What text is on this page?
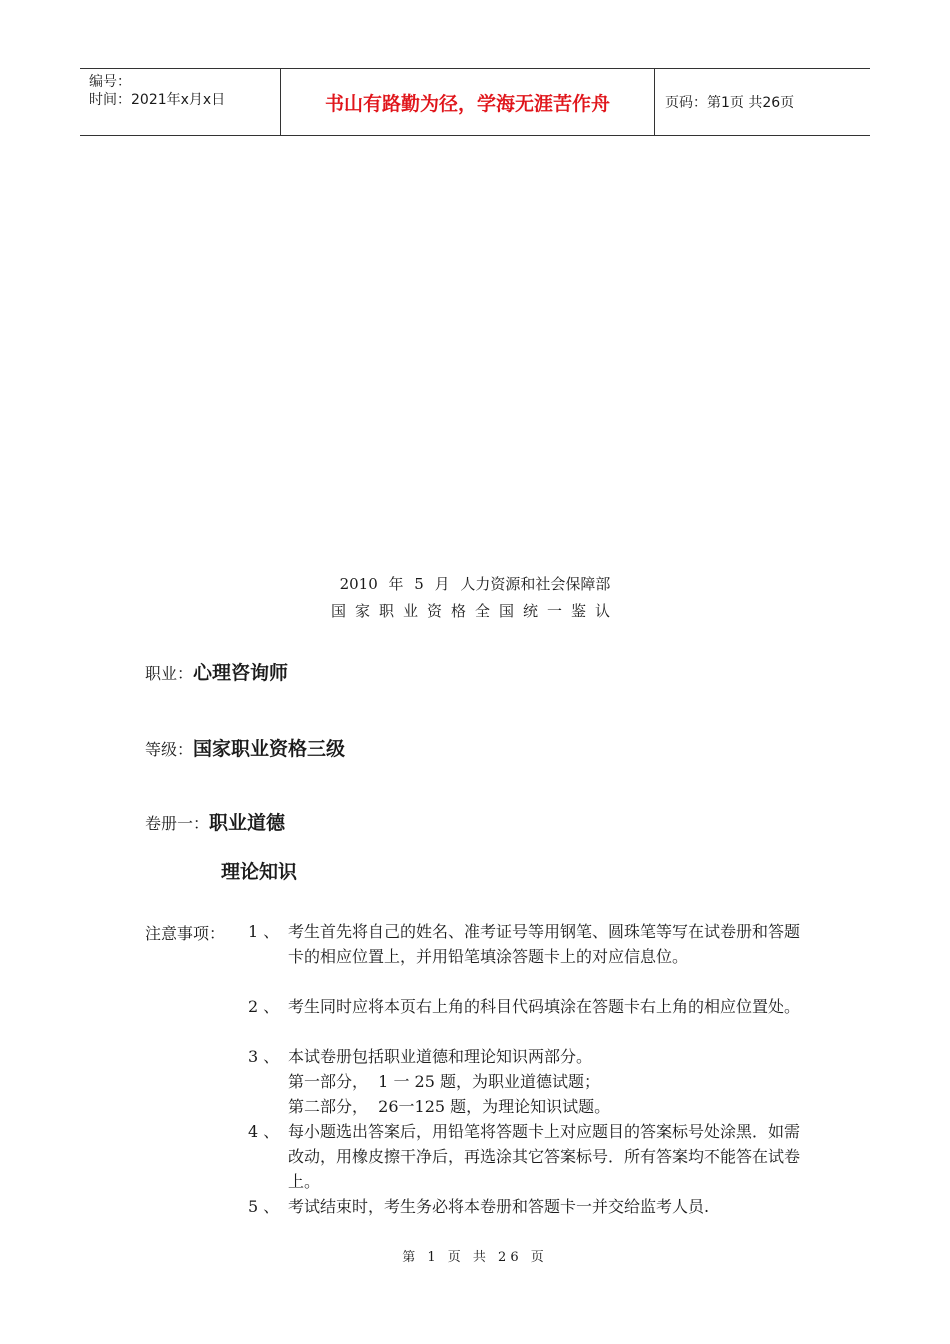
编号：
时间：2021年x月x日	书山有路勤为径，学海无涯苦作舟	页码：第1页 共26页
2010 年 5 月 人力资源和社会保障部
国家职业资格全国统一鉴认
职业：心理咨询师
等级：国家职业资格三级
卷册一：职业道德
理论知识
注意事项： 1 、 考生首先将自己的姓名、准考证号等用钢笔、圆珠笔等写在试卷册和答题卡的相应位置上，并用铅笔填涂答题卡上的对应信息位。
2 、 考生同时应将本页右上角的科目代码填涂在答题卡右上角的相应位置处。
3 、 本试卷册包括职业道德和理论知识两部分。
第一部分，  1 一 25 题，为职业道德试题；
第二部分，  26一125 题，为理论知识试题。
4 、 每小题选出答案后，用铅笔将答题卡上对应题目的答案标号处涂黑．如需改动，用橡皮擦干净后，再选涂其它答案标号．所有答案均不能答在试卷上。
5 、 考试结束时，考生务必将本卷册和答题卡一并交给监考人员.
第 1 页 共 26 页
